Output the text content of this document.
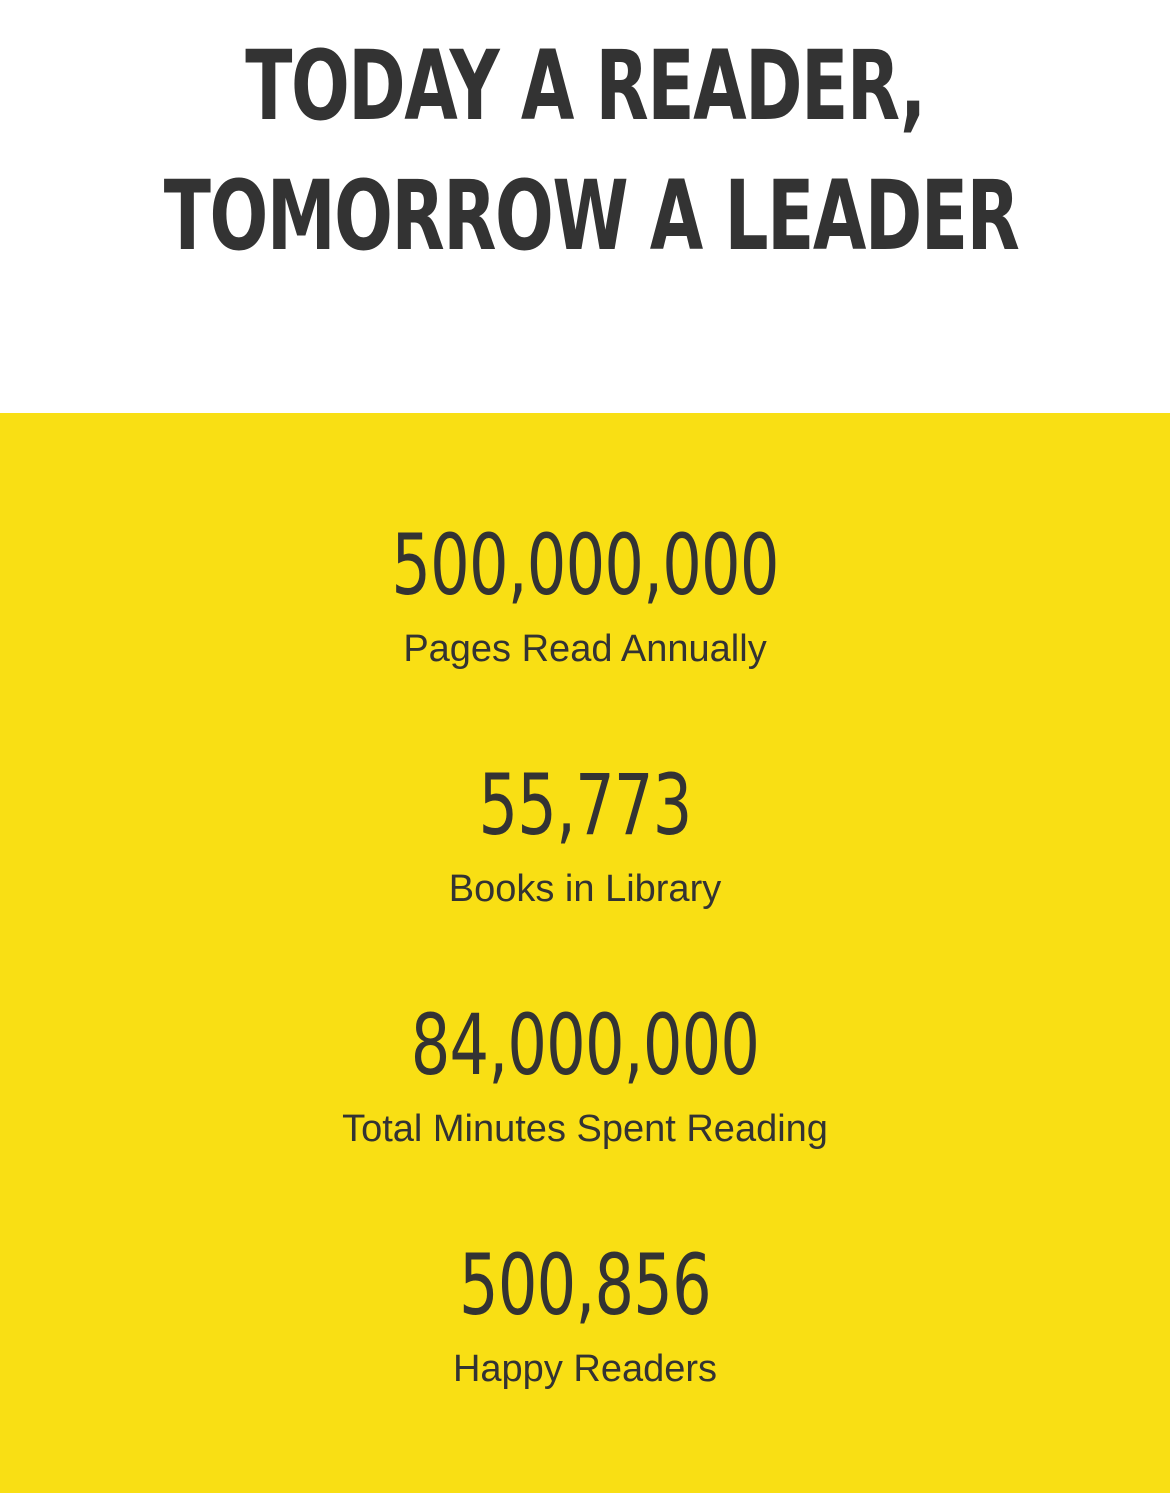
TODAY A READER,
TOMORROW A LEADER
500,000,000
Pages Read Annually
55,773
Books in Library
84,000,000
Total Minutes Spent Reading
500,856
Happy Readers
